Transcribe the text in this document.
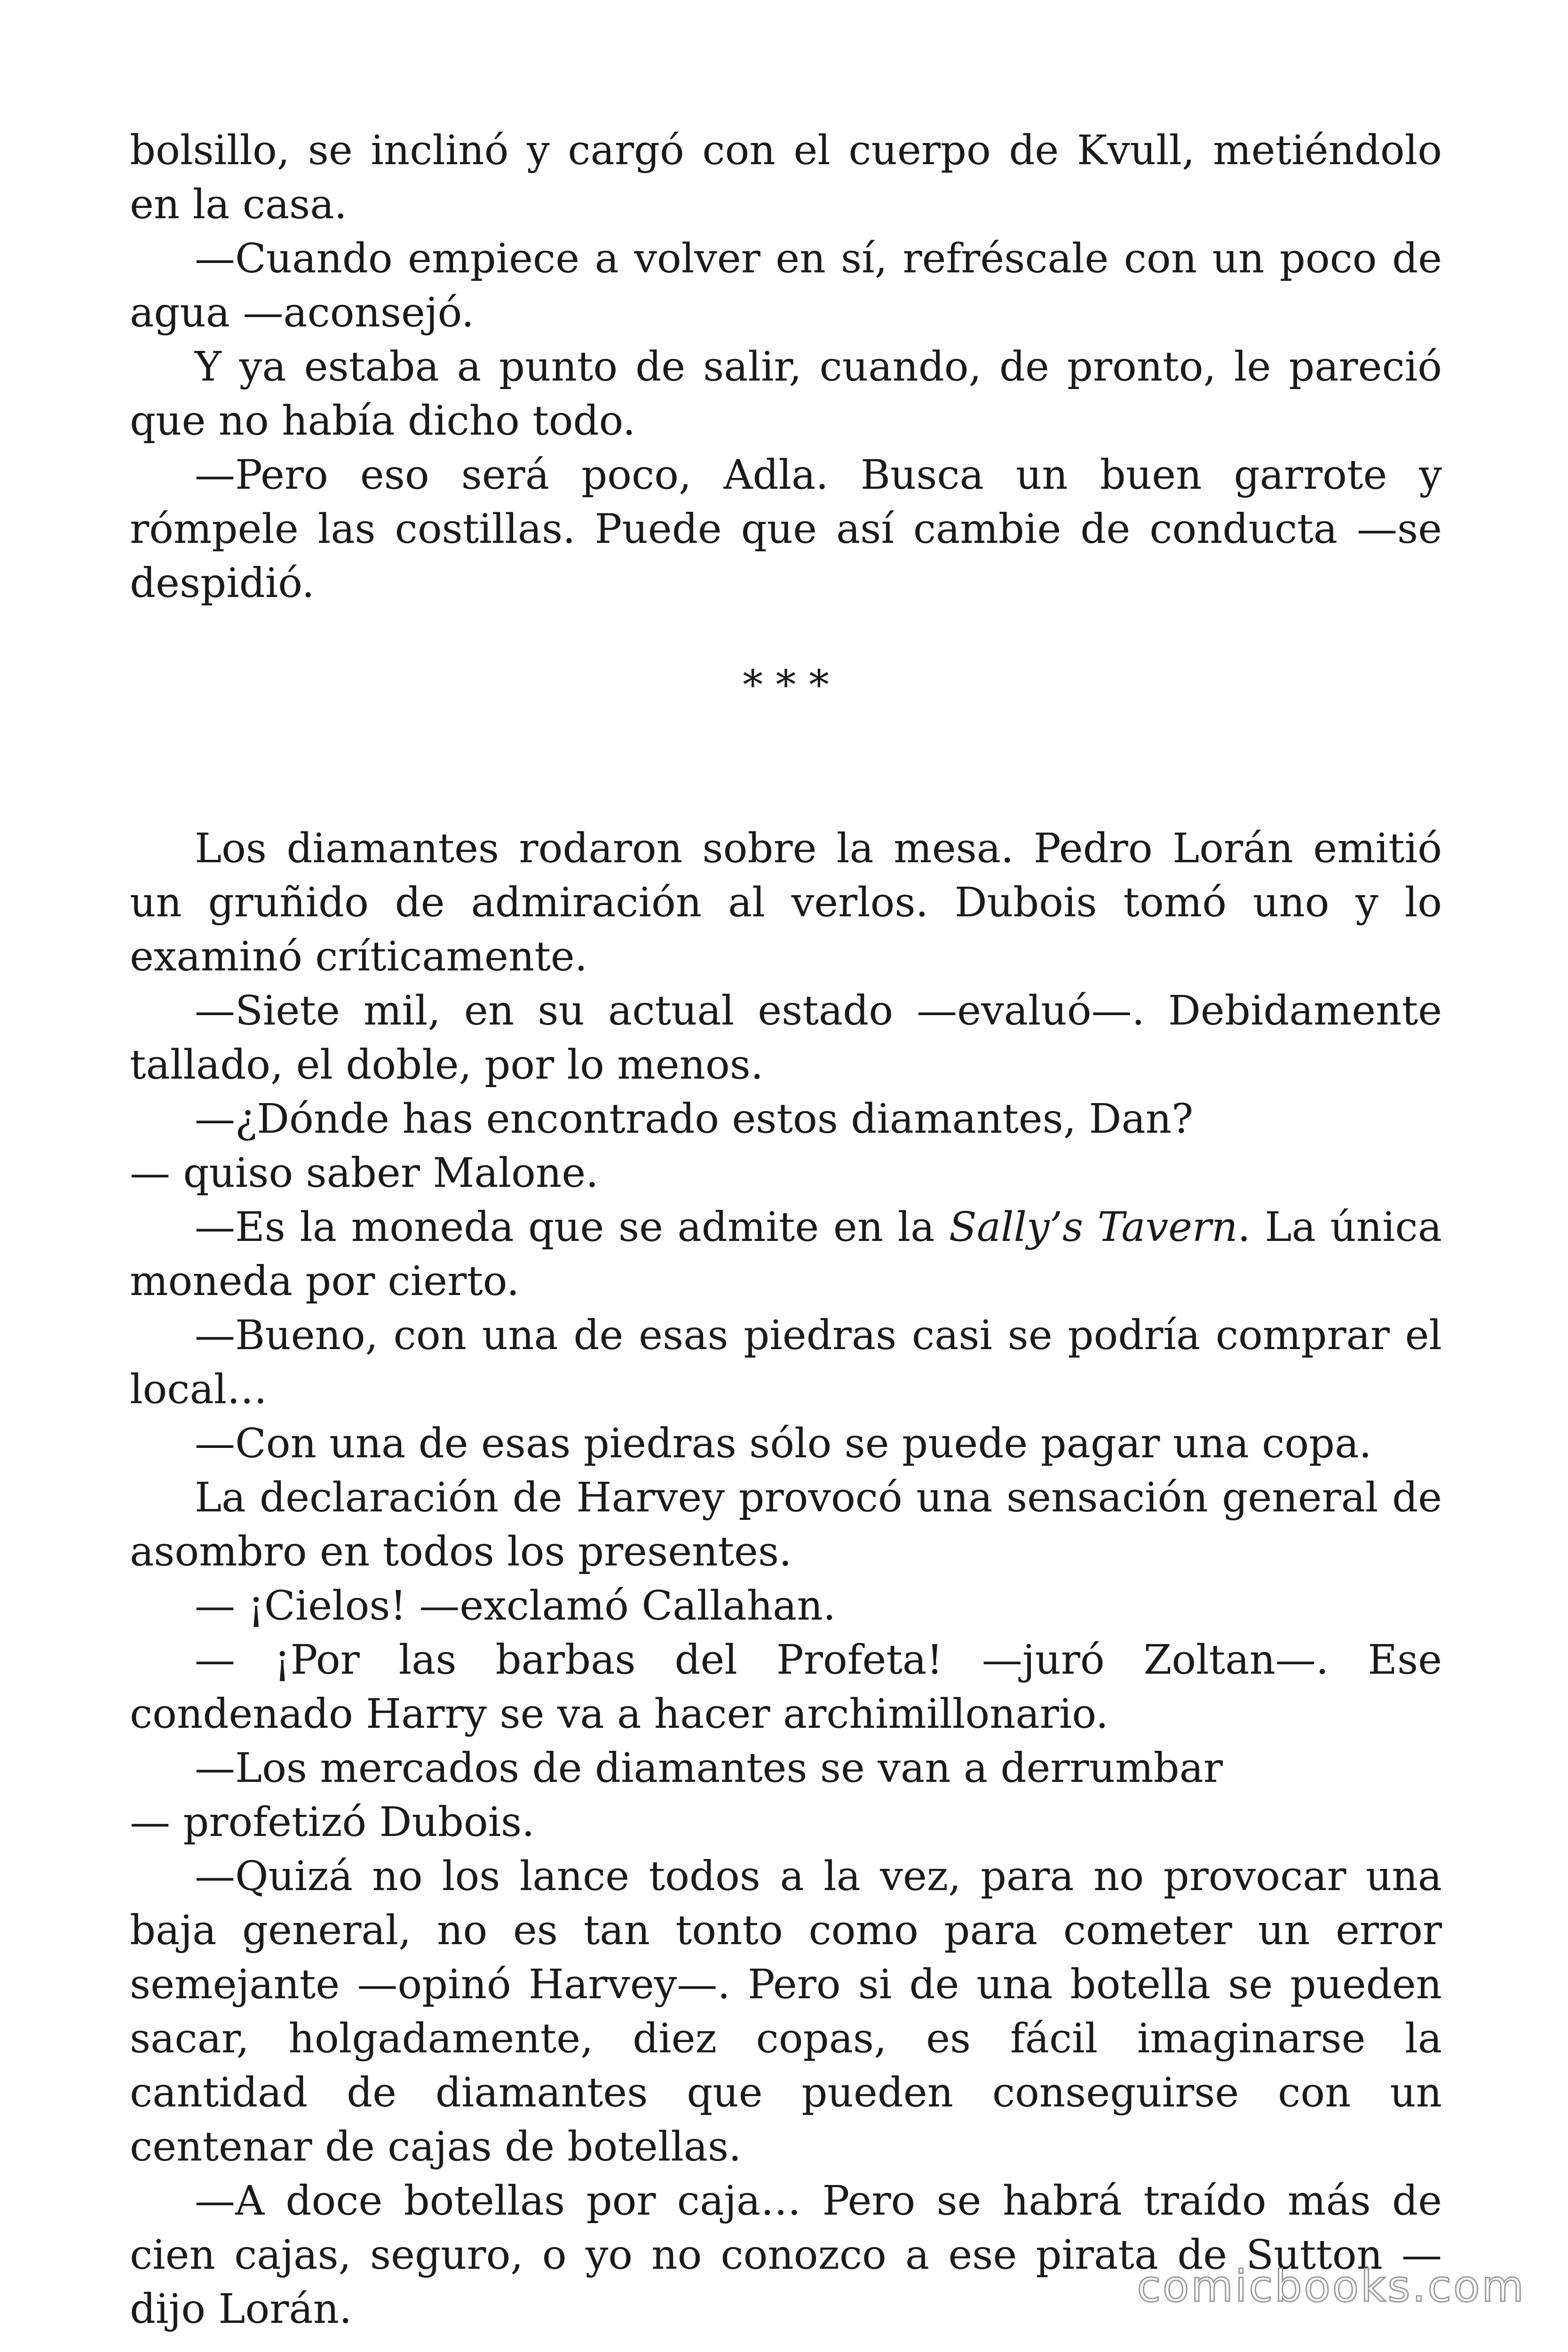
bolsillo, se inclinó y cargó con el cuerpo de Kvull, metiéndolo en la casa.

—Cuando empiece a volver en sí, refréscale con un poco de agua —aconsejó.

Y ya estaba a punto de salir, cuando, de pronto, le pareció que no había dicho todo.

—Pero eso será poco, Adla. Busca un buen garrote y rómpele las costillas. Puede que así cambie de conducta —se despidió.

* * *

Los diamantes rodaron sobre la mesa. Pedro Lorán emitió un gruñido de admiración al verlos. Dubois tomó uno y lo examinó críticamente.

—Siete mil, en su actual estado —evaluó—. Debidamente tallado, el doble, por lo menos.

—¿Dónde has encontrado estos diamantes, Dan?

— quiso saber Malone.

—Es la moneda que se admite en la Sally’s Tavern. La única moneda por cierto.

—Bueno, con una de esas piedras casi se podría comprar el local…

—Con una de esas piedras sólo se puede pagar una copa.

La declaración de Harvey provocó una sensación general de asombro en todos los presentes.

— ¡Cielos! —exclamó Callahan.

— ¡Por las barbas del Profeta! —juró Zoltan—. Ese condenado Harry se va a hacer archimillonario.

—Los mercados de diamantes se van a derrumbar

— profetizó Dubois.

—Quizá no los lance todos a la vez, para no provocar una baja general, no es tan tonto como para cometer un error semejante —opinó Harvey—. Pero si de una botella se pueden sacar, holgadamente, diez copas, es fácil imaginarse la cantidad de diamantes que pueden conseguirse con un centenar de cajas de botellas.

—A doce botellas por caja… Pero se habrá traído más de cien cajas, seguro, o yo no conozco a ese pirata de Sutton —dijo Lorán.	comicbooks.com
